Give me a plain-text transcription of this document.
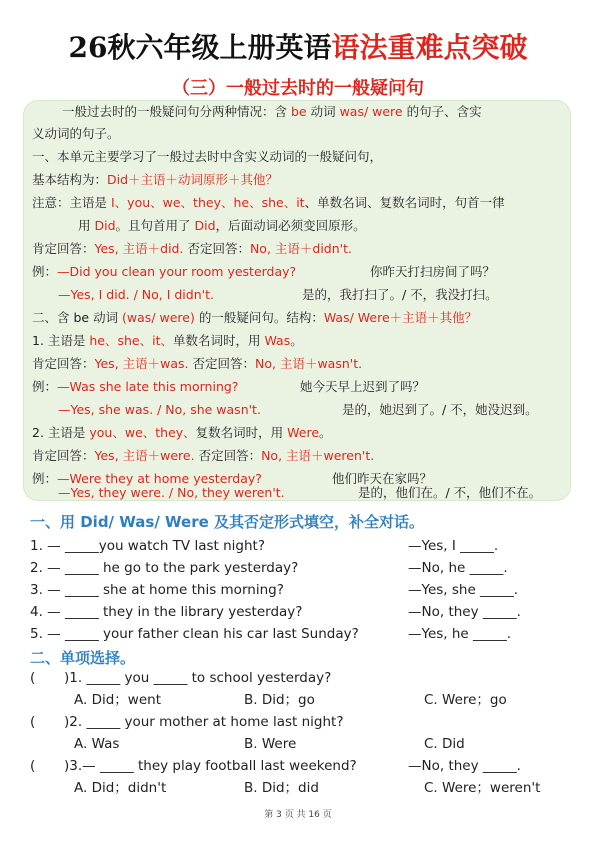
26秋六年级上册英语语法重难点突破
（三）一般过去时的一般疑问句
一般过去时的一般疑问句分两种情况：含 be 动词 was/ were 的句子、含实
义动词的句子。
一、本单元主要学习了一般过去时中含实义动词的一般疑问句，
基本结构为：Did＋主语＋动词原形＋其他？
注意：主语是 I、you、we、they、he、she、it、单数名词、复数名词时，句首一律
用 Did。且句首用了 Did，后面动词必须变回原形。
肯定回答：Yes, 主语＋did. 否定回答：No, 主语＋didn't.
例：—Did you clean your room yesterday?	你昨天打扫房间了吗？
—Yes, I did. / No, I didn't.	是的，我打扫了。/ 不，我没打扫。
二、含 be 动词 (was/ were) 的一般疑问句。结构：Was/ Were＋主语＋其他？
1. 主语是 he、she、it、单数名词时，用 Was。
肯定回答：Yes, 主语＋was. 否定回答：No, 主语＋wasn't.
例：—Was she late this morning?	她今天早上迟到了吗？
—Yes, she was. / No, she wasn't.	是的，她迟到了。/ 不，她没迟到。
2. 主语是 you、we、they、复数名词时，用 Were。
肯定回答：Yes, 主语＋were. 否定回答：No, 主语＋weren't.
例：—Were they at home yesterday?	他们昨天在家吗？
—Yes, they were. / No, they weren't.	是的，他们在。/ 不，他们不在。
一、用 Did/ Was/ Were 及其否定形式填空，补全对话。
1. — _____you watch TV last night?	—Yes, I _____.
2. — _____ he go to the park yesterday?	—No, he _____.
3. — _____ she at home this morning?	—Yes, she _____.
4. — _____ they in the library yesterday?	—No, they _____.
5. — _____ your father clean his car last Sunday?	—Yes, he _____.
二、单项选择。
( )1. _____ you _____ to school yesterday?
A. Did；went	B. Did；go	C. Were；go
( )2. _____ your mother at home last night?
A. Was	B. Were	C. Did
( )3.— _____ they play football last weekend?	—No, they _____.
A. Did；didn't	B. Did；did	C. Were；weren't
第 3 页 共 16 页
